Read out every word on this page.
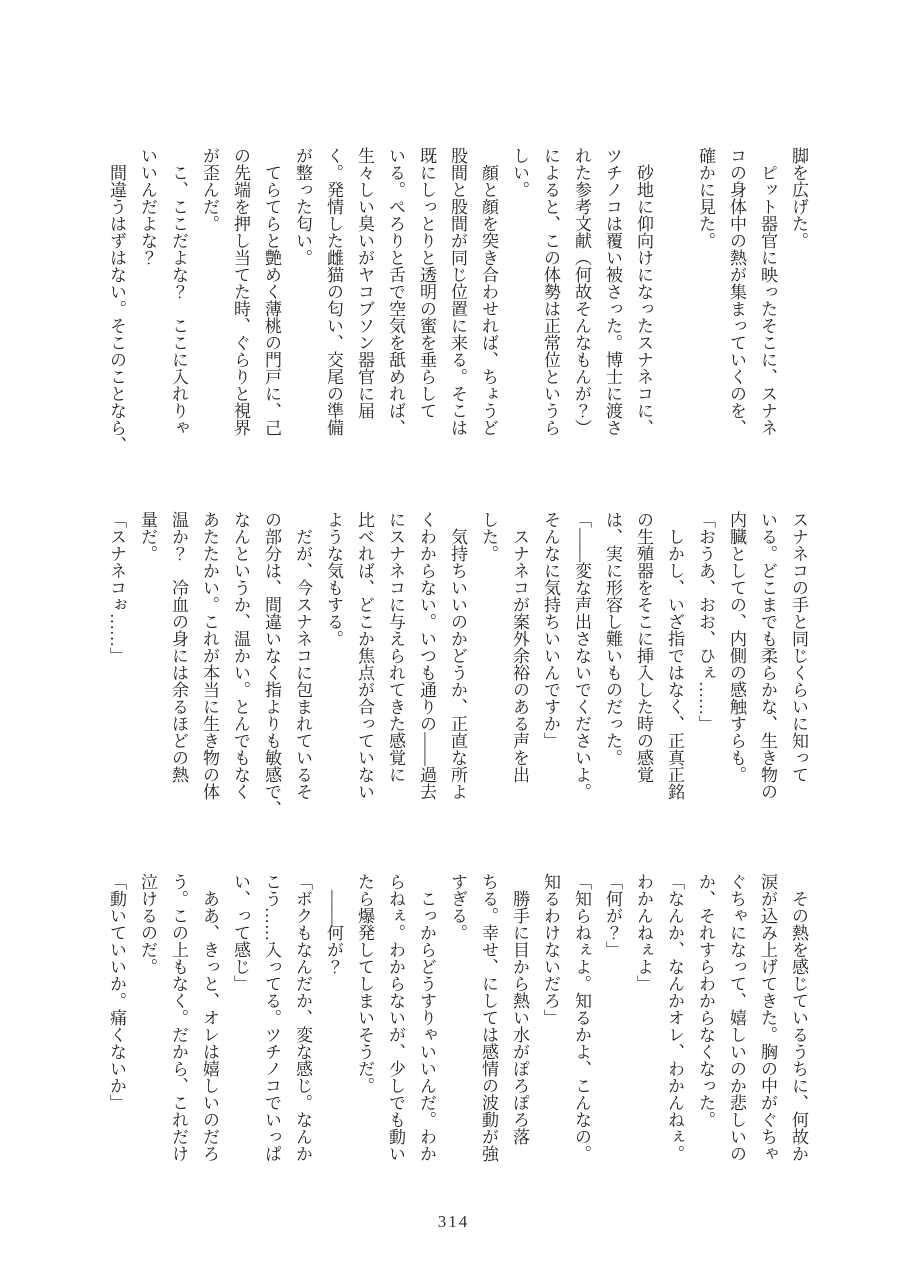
脚を広げた。

　ピット器官に映ったそこに、スナネ

コの身体中の熱が集まっていくのを、

確かに見た。

　砂地に仰向けになったスナネコに、

ツチノコは覆い被さった。博士に渡さ

れた参考文献（何故そんなもんが？）

によると、この体勢は正常位というら

しい。

　顔と顔を突き合わせれば、ちょうど

股間と股間が同じ位置に来る。そこは

既にしっとりと透明の蜜を垂らして

いる。ぺろりと舌で空気を舐めれば、

生々しい臭いがヤコブソン器官に届

く。発情した雌猫の匂い、交尾の準備

が整った匂い。

　てらてらと艶めく薄桃の門戸に、己

の先端を押し当てた時、ぐらりと視界

が歪んだ。

　こ、ここだよな？　ここに入れりゃ

いいんだよな？

　間違うはずはない。そこのことなら、

スナネコの手と同じくらいに知って

いる。どこまでも柔らかな、生き物の

内臓としての、内側の感触すらも。

「おうあ、おお、ひぇ……」

　しかし、いざ指ではなく、正真正銘

の生殖器をそこに挿入した時の感覚

は、実に形容し難いものだった。

「――変な声出さないでくださいよ。

そんなに気持ちいいんですか」

　スナネコが案外余裕のある声を出

した。

　気持ちいいのかどうか、正直な所よ

くわからない。いつも通りの――過去

にスナネコに与えられてきた感覚に

比べれば、どこか焦点が合っていない

ような気もする。

　だが、今スナネコに包まれているそ

の部分は、間違いなく指よりも敏感で、

なんというか、温かい。とんでもなく

あたたかい。これが本当に生き物の体

温か？　冷血の身には余るほどの熱

量だ。

「スナネコぉ……」

　その熱を感じているうちに、何故か

涙が込み上げてきた。胸の中がぐちゃ

ぐちゃになって、嬉しいのか悲しいの

か、それすらわからなくなった。

「なんか、なんかオレ、わかんねぇ。

わかんねぇよ」

「何が？」

「知らねぇよ。知るかよ、こんなの。

知るわけないだろ」

　勝手に目から熱い水がぽろぽろ落

ちる。幸せ、にしては感情の波動が強

すぎる。

　こっからどうすりゃいいんだ。わか

らねぇ。わからないが、少しでも動い

たら爆発してしまいそうだ。

　――何が？

「ボクもなんだか、変な感じ。なんか

こう……入ってる。ツチノコでいっぱ

い、って感じ」

　ああ、きっと、オレは嬉しいのだろ

う。この上もなく。だから、これだけ

泣けるのだ。

「動いていいか。痛くないか」

314
